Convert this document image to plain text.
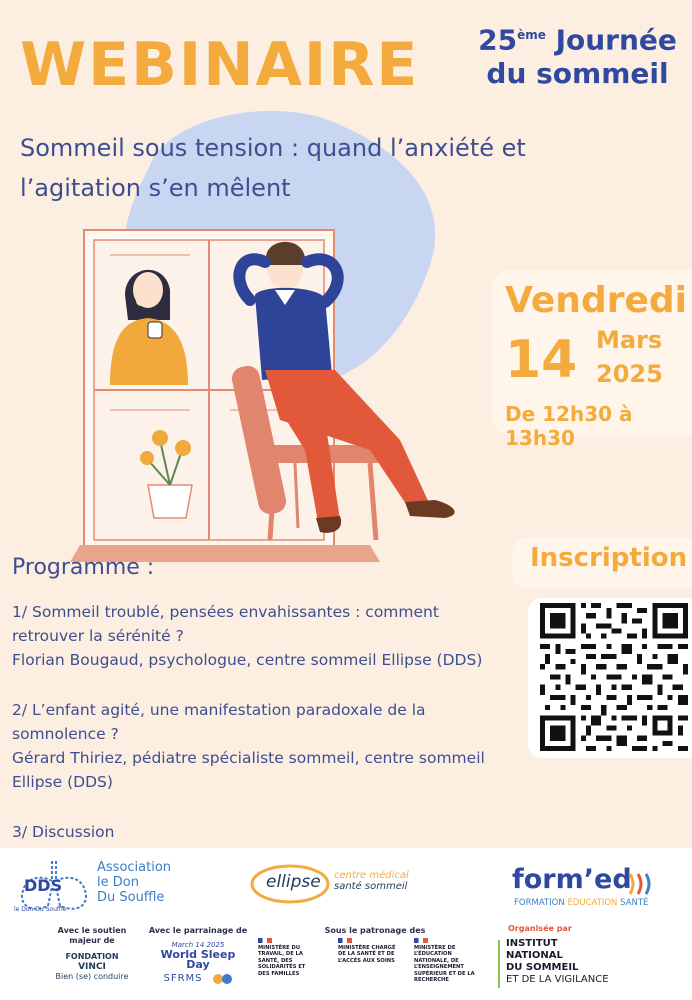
WEBINAIRE 25ème Journée
du sommeil
Sommeil sous tension : quand l’anxiété et
l’agitation s’en mêlent
Vendredi
14 Mars
2025
De 12h30 à 13h30
Inscription
Programme :
1/ Sommeil troublé, pensées envahissantes : comment
retrouver la sérénité ?
Florian Bougaud, psychologue, centre sommeil Ellipse (DDS)
2/ L’enfant agité, une manifestation paradoxale de la
somnolence ?
Gérard Thiriez, pédiatre spécialiste sommeil, centre sommeil
Ellipse (DDS)
3/ Discussion
DDS
le Don Du Souffle
Association
le Don
Du Souffle
ellipse centre médical
santé sommeil	form’ed
FORMATION ÉDUCATION SANTÉ
Avec le soutien
majeur de
FONDATION
VINCI
Bien (se) conduire
Avec le parrainage de
March 14 2025
World Sleep Day
SFRMS
Sous le patronage des
MINISTÈRE DU TRAVAIL, DE LA SANTÉ, DES SOLIDARITÉS ET DES FAMILLES
MINISTÈRE CHARGÉ DE LA SANTÉ ET DE L’ACCÈS AUX SOINS
MINISTÈRE DE L’ÉDUCATION NATIONALE, DE L’ENSEIGNEMENT SUPÉRIEUR ET DE LA RECHERCHE
Organisée par
INSTITUT
NATIONAL
DU SOMMEIL
ET DE LA VIGILANCE
